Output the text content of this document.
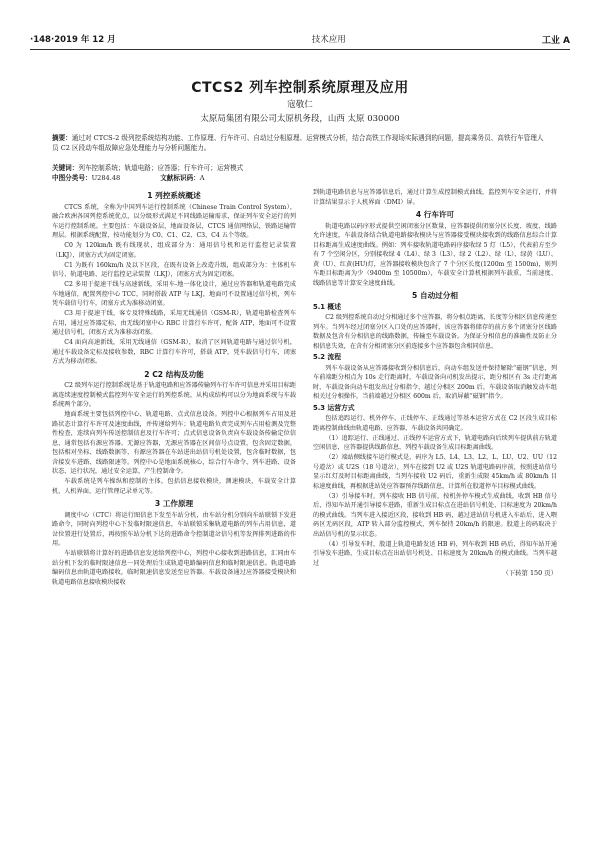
·148·2019 年 12 月	技术应用	工业 A
CTCS2 列车控制系统原理及应用
寇敬仁
太原局集团有限公司太原机务段，山西 太原 030000
摘要：通过对 CTCS-2 级列控系统结构功能、工作原理、行车许可、自动过分相原理、运营模式分析，结合高铁工作现场实际遇到的问题，提高乘务员、高铁行车管理人员 C2 区段动车组故障应急处理能力与分析问题能力。
关键词：列车控制系统；轨道电路；应答器；行车许可；运营模式
中图分类号：U284.48	文献标识码：A
1 列控系统概述

CTCS 系统，全称为中国列车运行控制系统（Chinese Train Control System），融合欧洲各国列控系统优点，以分级形式满足不同线路运输需求，保证列车安全运行的列车运行控制系统。主要包括：车载设备层，地面设备层，CTCS 通信网络层，铁路运输管理层。根据系统配置，按功能划分为 C0、C1、C2、C3、C4 五个等级。

C0 为 120km/h 既有线现状，组成部分为：通用信号机和运行监控记录装置（LKJ），闭塞方式为固定闭塞。

C1 为既有 160km/h 及以下区段，在既有设备上改造升级，组成部分为：主体机车信号、轨道电路、运行监控记录装置（LKJ），闭塞方式为固定闭塞。

C2 多用于提速干线与高速新线，采用车-地一体化设计，通过应答器和轨道电路完成车地通信，配置列控中心 TCC，同时搭载 ATP 与 LKJ，地面可不设置通过信号机，列车凭车载信号行车，闭塞方式为准移动闭塞。

C3 用于提速干线、客专及特殊线路，采用无线通信（GSM-R），轨道电路检查列车占用，通过应答器定标，由无线闭塞中心 RBC 计算行车许可，配备 ATP，地面可不设置通过信号机，闭塞方式为准移动闭塞。

C4 面向高速新线，采用无线通信（GSM-R），取消了区间轨道电路与通过信号机，通过车载设备定标及接收参数，RBC 计算行车许可，搭载 ATP，凭车载信号行车，闭塞方式为移动闭塞。

2 C2 结构及功能

C2 级列车运行控制系统是基于轨道电路和应答器传输列车行车许可信息并采用目标距离连续速度控制模式监控列车安全运行的列控系统。从构成结构可以分为地面系统与车载系统两个部分。

地面系统主要包括列控中心、轨道电路、点式信息设备。列控中心根据列车占用及进路状态计算行车许可及速度曲线，并传递给列车；轨道电路负责完成列车占用检测及完整性检查，连续向列车传送控制信息及行车许可；点式信息设备负责向车载设备传输定位信息，通常包括有源应答器、无源应答器，无源应答器在区间信号点设置，包含固定数据，包括相对坐标、线路数据等，有源应答器在车站进出站信号机处设置，包含临时数据，包含接发车进路、线路限速等。列控中心是地面系统核心，综合行车命令、列车进路、设备状态、运行状况，通过安全运算，产生控制命令。

车载系统是列车操纵和控制的主体，包括信息接收模块，测速模块，车载安全计算机，人机界面、运行管理记录单元等。

3 工作原理

调度中心（CTC）将运行图信息下发至车站分机，由车站分机分别向车站联锁下发进路命令，同时向列控中心下发临时限速信息，车站联锁采集轨道电路的列车占用信息，道岔位置进行处置后，再按照车站分机下达的进路命令控制道岔信号机等发挥排列进路的作用。

车站联锁将计算好的进路信息发送给列控中心，列控中心接收到进路信息，汇同由车站分机下发的临时限速信息一同处理后生成轨道电路编码信息和临时限速信息。轨道电路编码信息由轨道电路接收，临时限速信息发送至应答器。车载设备通过应答器接受模块和轨道电路信息接收模块接收

到轨道电路信息与应答器信息后，通过计算生成控制模式曲线，监控列车安全运行，并将计算结果显示于人机界面（DMI）屏。

4 行车许可

轨道电路以码序形式提供空闲闭塞分区数量，应答器提供闭塞分区长度、坡度、线路允许速度，车载设备结合轨道电路接收模块与应答器接受模块接收到的线路信息综合计算目标距离生成速度曲线。例如：列车接收轨道电路码序接收绿 5 灯（L5），代表前方至少有 7 个空闲分区，分别接收绿 4（L4）、绿 3（L3）、绿 2（L2）、绿（L）、绿黄（LU）、黄（U）、红黄(HU)灯，应答器接收模块包含了 7 个分区长度(1200m 至 1500m)，则列车距目标距离为少（9400m 至 10500m），车载安全计算机根据列车载重、当前速度、线路信息等计算安全速度曲线。

5 自动过分相
5.1 概述

C2 级列控系统自动过分相通过多个应答器，将分相点距离、长度等分相区信息传递至列车。当列车经过闭塞分区入口处的应答器时，该应答器将储存的前方多个闭塞分区线路数据及包含有分相信息的线路数据，传输至车载设备。为保证分相信息的准确性及防止分相信息失效，在含有分相闭塞分区前连接多个应答器包含相同信息。

5.2 流程

列车车载设备从应答器接收到分相信息后，向动车组发送并保持解除“磁钢”信息，列车前端距分相点为 10s 走行距离时，车载设备向司机发出提示，距分相区有 3s 走行距离时，车载设备向动车组发出过分相指令，越过分相区 200m 后，车载设备取消触发动车组相关过分相操作，当前端越过分相区 600m 后，取消屏蔽“磁钢”指令。

5.3 运营方式

包括追踪运行、机外停车、正线停车、正线通过等基本运营方式在 C2 区段生成目标距离控制曲线由轨道电路、应答器、车载设备共同确定。

（1）追踪运行、正线通过、正线停车运营方式下，轨道电路向后续列车提供前方轨道空闲信息，应答器提供线路信息，列控车载设备生成目标距离曲线。

（2）端站侧线接车运行模式是，码序为 L5、L4、L3、L2、L、LU、U2、UU（12 号道岔）或 U2S（18 号道岔），列车在接到 U2 或 U2S 轨道电路码序前，按照进站信号显示红灯及时目标距离曲线，当列车接收 U2 码后，重新生成限 45km/h 或 80km/h 目标速度曲线，再根据进站处应答器预存线路信息，计算所在股道停车目标模式曲线。

（3）引导接车时，列车接收 HB 信号前，按机外停车模式生成曲线，收到 HB 信号后，得知车站开通引导接车进路，重新生成目标点在进站信号机处、目标速度为 20km/h 的模式曲线。当列车进入接近区段，接收到 HB 码，越过进站信号机进入车站后，进入喂码区无码区段，ATP 转入部分监控模式，列车保持 20km/h 的限速。股道上的码取决于出站信号机的显示状态。

（4）引导发车时，股道上轨道电路发送 HB 码，列车收到 HB 码后，得知车站开通引导发车进路，生成目标点在出站信号机处、目标速度为 20km/h 的模式曲线。当列车越过

（下转第 150 页）
